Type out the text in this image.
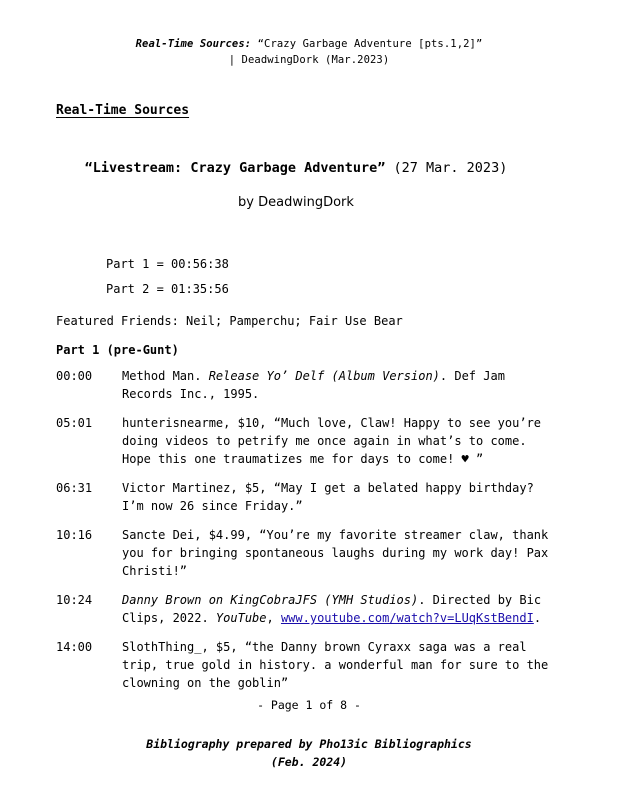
Real-Time Sources: “Crazy Garbage Adventure [pts.1,2]”
| DeadwingDork (Mar.2023)
Real-Time Sources
“Livestream: Crazy Garbage Adventure” (27 Mar. 2023)
by DeadwingDork
Part 1 = 00:56:38
Part 2 = 01:35:56
Featured Friends: Neil; Pamperchu; Fair Use Bear
Part 1 (pre-Gunt)
00:00	Method Man. Release Yo’ Delf (Album Version). Def Jam Records Inc., 1995.
05:01	hunterisnearme, $10, “Much love, Claw! Happy to see you’re doing videos to petrify me once again in what’s to come. Hope this one traumatizes me for days to come! ♥ ”
06:31	Victor Martinez, $5, “May I get a belated happy birthday? I’m now 26 since Friday.”
10:16	Sancte Dei, $4.99, “You’re my favorite streamer claw, thank you for bringing spontaneous laughs during my work day! Pax Christi!”
10:24	Danny Brown on KingCobraJFS (YMH Studios). Directed by Bic Clips, 2022. YouTube, www.youtube.com/watch?v=LUqKstBendI.
14:00	SlothThing_, $5, “the Danny brown Cyraxx saga was a real trip, true gold in history. a wonderful man for sure to the clowning on the goblin”
- Page 1 of 8 -
Bibliography prepared by Pho13ic Bibliographics
(Feb. 2024)
